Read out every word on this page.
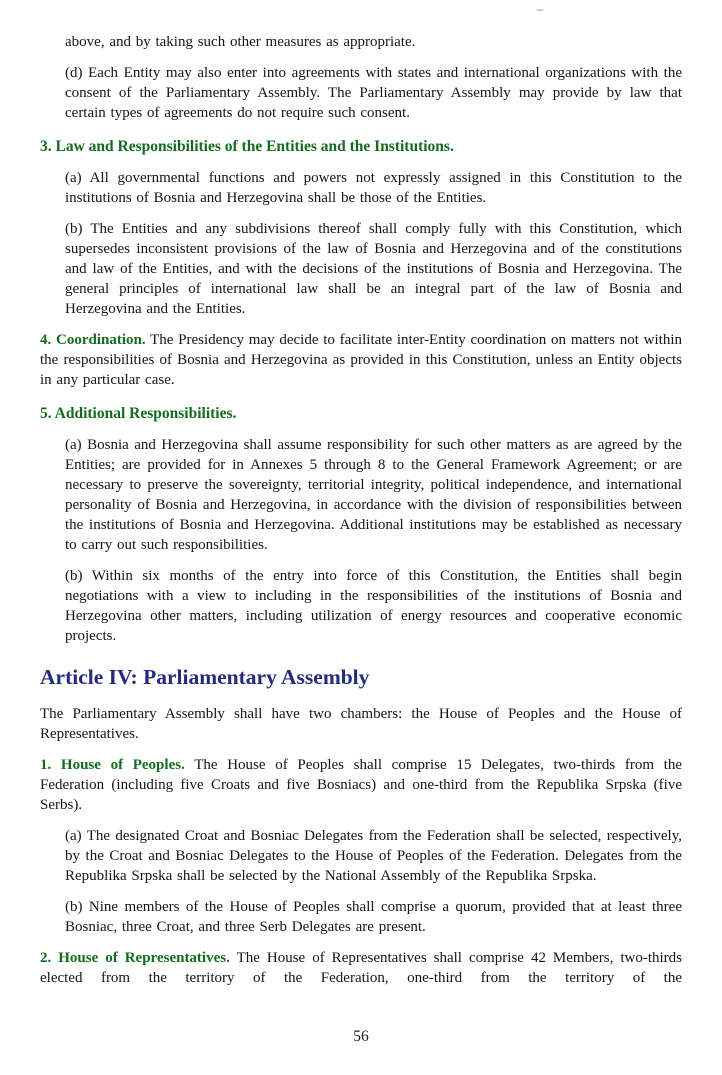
above, and by taking such other measures as appropriate.

(d) Each Entity may also enter into agreements with states and international organizations with the consent of the Parliamentary Assembly. The Parliamentary Assembly may provide by law that certain types of agreements do not require such consent.

3. Law and Responsibilities of the Entities and the Institutions.

(a) All governmental functions and powers not expressly assigned in this Constitution to the institutions of Bosnia and Herzegovina shall be those of the Entities.

(b) The Entities and any subdivisions thereof shall comply fully with this Constitution, which supersedes inconsistent provisions of the law of Bosnia and Herzegovina and of the constitutions and law of the Entities, and with the decisions of the institutions of Bosnia and Herzegovina. The general principles of international law shall be an integral part of the law of Bosnia and Herzegovina and the Entities.

4. Coordination. The Presidency may decide to facilitate inter-Entity coordination on matters not within the responsibilities of Bosnia and Herzegovina as provided in this Constitution, unless an Entity objects in any particular case.

5. Additional Responsibilities.

(a) Bosnia and Herzegovina shall assume responsibility for such other matters as are agreed by the Entities; are provided for in Annexes 5 through 8 to the General Framework Agreement; or are necessary to preserve the sovereignty, territorial integrity, political independence, and international personality of Bosnia and Herzegovina, in accordance with the division of responsibilities between the institutions of Bosnia and Herzegovina. Additional institutions may be established as necessary to carry out such responsibilities.

(b) Within six months of the entry into force of this Constitution, the Entities shall begin negotiations with a view to including in the responsibilities of the institutions of Bosnia and Herzegovina other matters, including utilization of energy resources and cooperative economic projects.

Article IV: Parliamentary Assembly

The Parliamentary Assembly shall have two chambers: the House of Peoples and the House of Representatives.

1. House of Peoples. The House of Peoples shall comprise 15 Delegates, two-thirds from the Federation (including five Croats and five Bosniacs) and one-third from the Republika Srpska (five Serbs).

(a) The designated Croat and Bosniac Delegates from the Federation shall be selected, respectively, by the Croat and Bosniac Delegates to the House of Peoples of the Federation. Delegates from the Republika Srpska shall be selected by the National Assembly of the Republika Srpska.

(b) Nine members of the House of Peoples shall comprise a quorum, provided that at least three Bosniac, three Croat, and three Serb Delegates are present.

2. House of Representatives. The House of Representatives shall comprise 42 Members, two-thirds elected from the territory of the Federation, one-third from the territory of the

56
